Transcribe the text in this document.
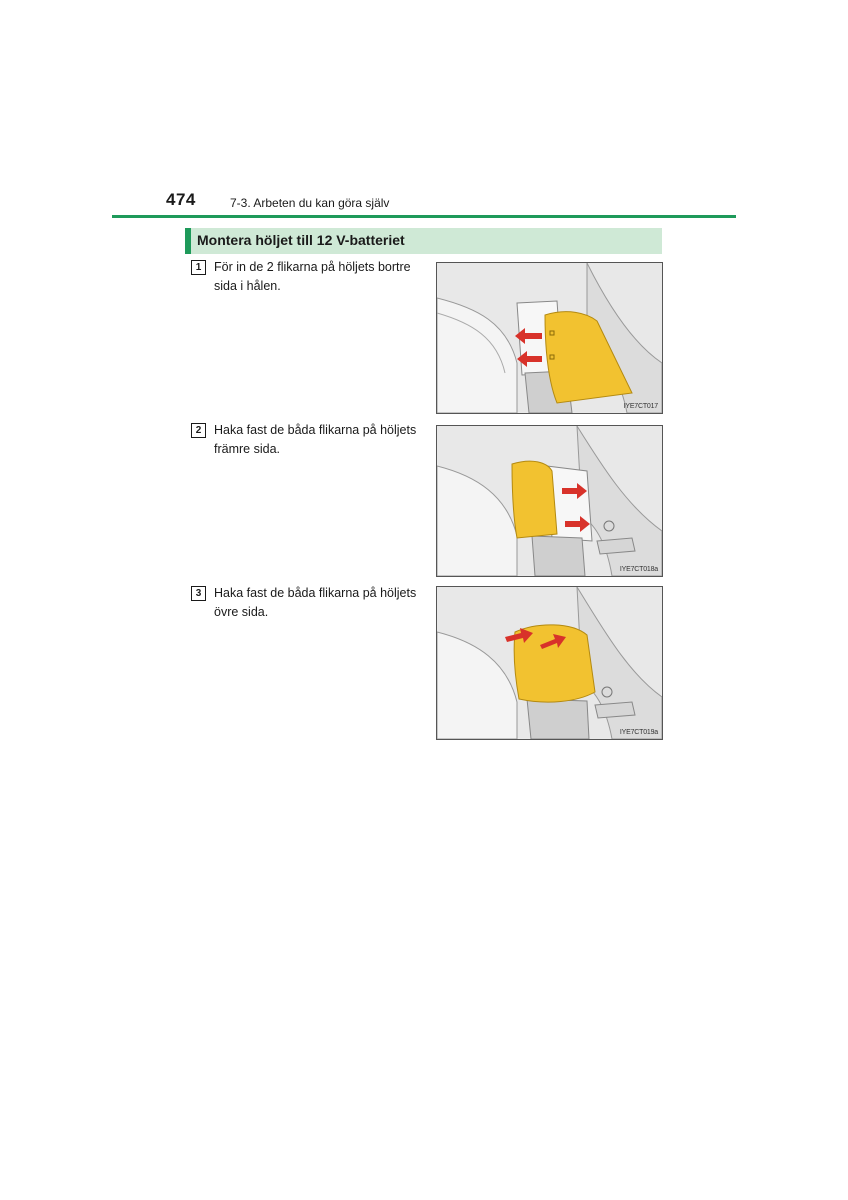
474	7-3. Arbeten du kan göra själv
Montera höljet till 12 V-batteriet
1	För in de 2 flikarna på höljets bortre sida i hålen.
IYE7CT017
2	Haka fast de båda flikarna på höljets främre sida.
IYE7CT018a
3	Haka fast de båda flikarna på höljets övre sida.
IYE7CT019a
